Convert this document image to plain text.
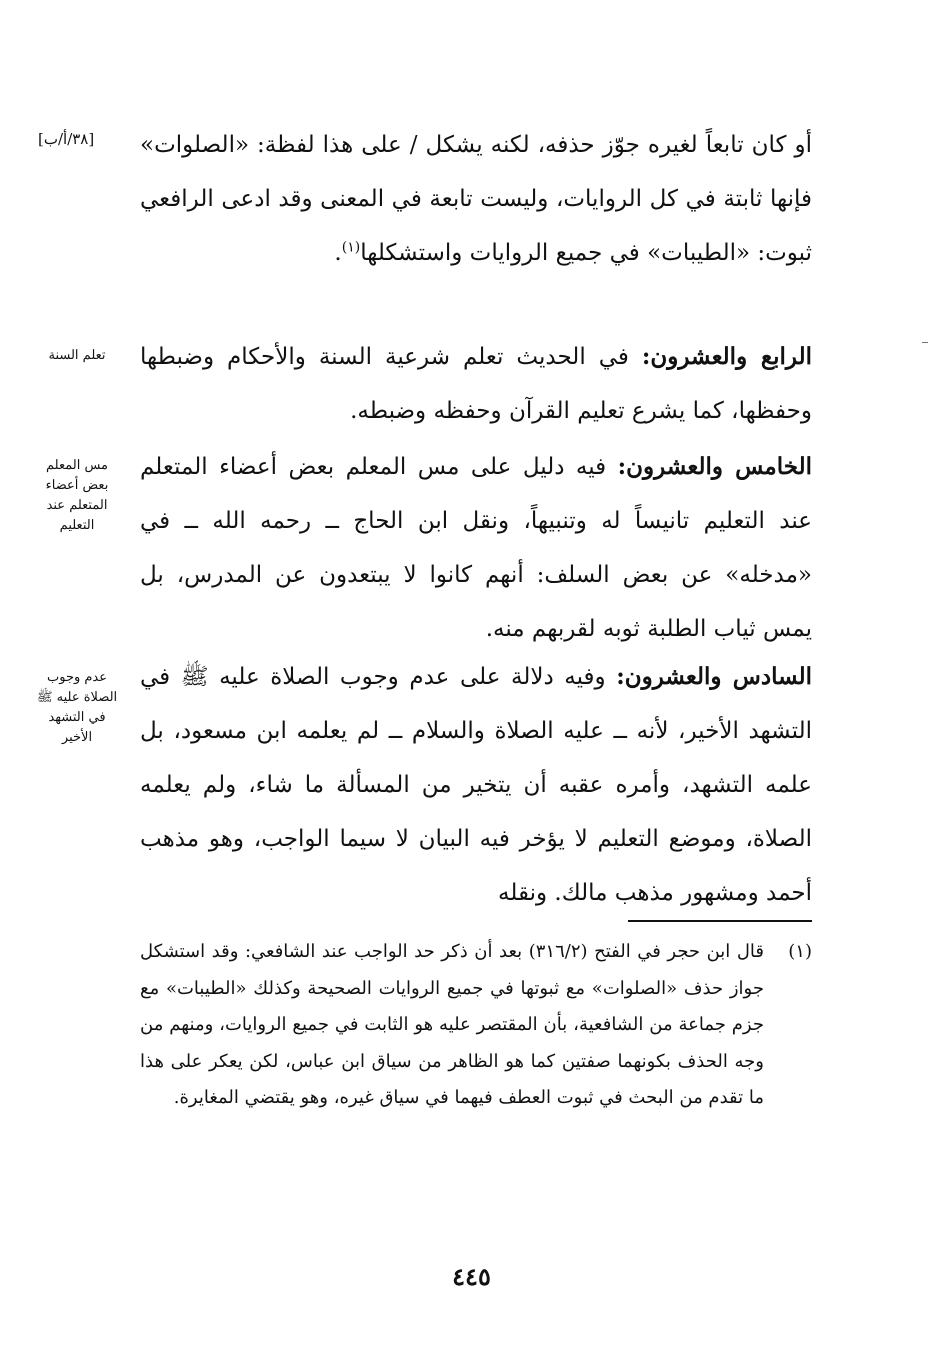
[٣٨/أ/ب]	أو كان تابعاً لغيره جوّز حذفه، لكنه يشكل / على هذا لفظة: «الصلوات» فإنها ثابتة في كل الروايات، وليست تابعة في المعنى وقد ادعى الرافعي ثبوت: «الطيبات» في جميع الروايات واستشكلها$^{(١)}$.

تعلم السنة	الرابع والعشرون: في الحديث تعلم شرعية السنة والأحكام وضبطها وحفظها، كما يشرع تعليم القرآن وحفظه وضبطه.

مس المعلم بعض أعضاء المتعلم عند التعليم

الخامس والعشرون: فيه دليل على مس المعلم بعض أعضاء المتعلم عند التعليم تانيساً له وتنبيهاً، ونقل ابن الحاج ــ رحمه الله ــ في «مدخله» عن بعض السلف: أنهم كانوا لا يبتعدون عن المدرس، بل يمس ثياب الطلبة ثوبه لقربهم منه.

عدم وجوب الصلاة عليه ﷺ في التشهد الأخير

السادس والعشرون: وفيه دلالة على عدم وجوب الصلاة عليه ﷺ في التشهد الأخير، لأنه ــ عليه الصلاة والسلام ــ لم يعلمه ابن مسعود، بل علمه التشهد، وأمره عقبه أن يتخير من المسألة ما شاء، ولم يعلمه الصلاة، وموضع التعليم لا يؤخر فيه البيان لا سيما الواجب، وهو مذهب أحمد ومشهور مذهب مالك. ونقله

(١)
قال ابن حجر في الفتح (٣١٦/٢) بعد أن ذكر حد الواجب عند الشافعي: وقد استشكل جواز حذف «الصلوات» مع ثبوتها في جميع الروايات الصحيحة وكذلك «الطيبات» مع جزم جماعة من الشافعية، بأن المقتصر عليه هو الثابت في جميع الروايات، ومنهم من وجه الحذف بكونهما صفتين كما هو الظاهر من سياق ابن عباس، لكن يعكر على هذا ما تقدم من البحث في ثبوت العطف فيهما في سياق غيره، وهو يقتضي المغايرة.
٤٤٥
